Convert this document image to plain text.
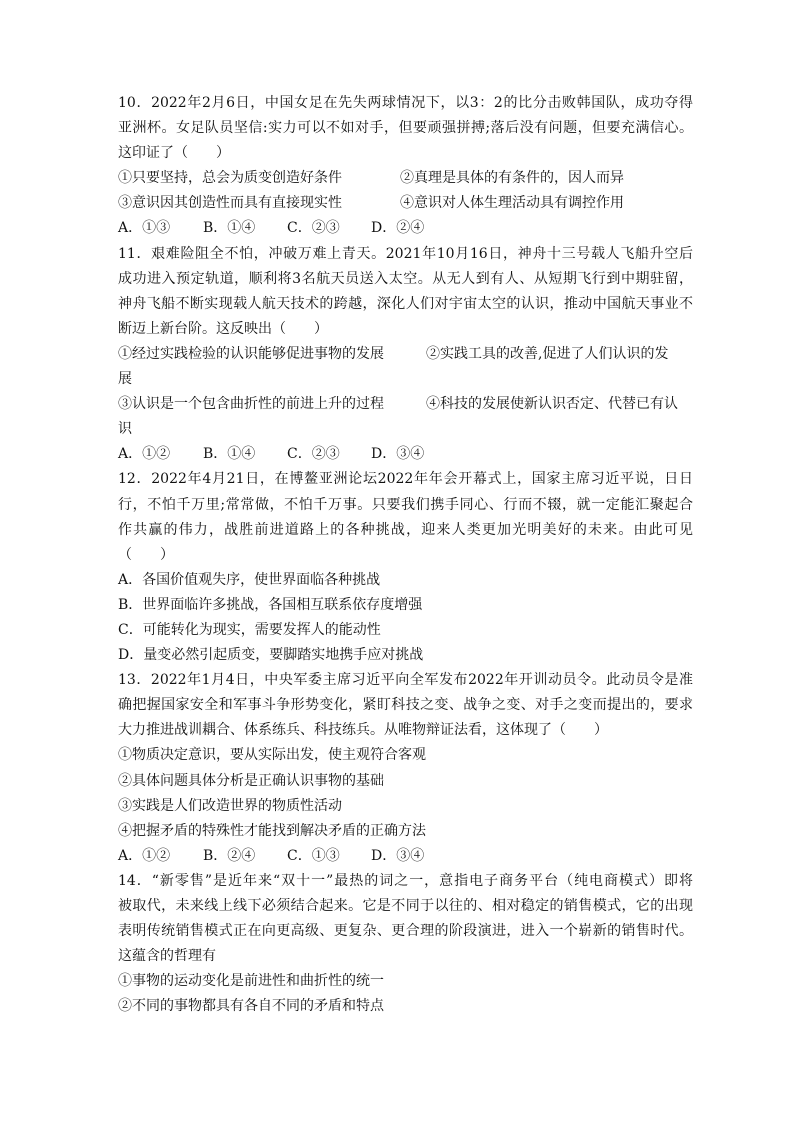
10．2022年2月6日，中国女足在先失两球情况下，以3：2的比分击败韩国队，成功夺得
亚洲杯。女足队员坚信:实力可以不如对手，但要顽强拼搏;落后没有问题，但要充满信心。
这印证了（　　）
①只要坚持，总会为质变创造好条件	②真理是具体的有条件的，因人而异
③意识因其创造性而具有直接现实性	④意识对人体生理活动具有调控作用
A．①③ B．①④ C．②③ D．②④
11．艰难险阻全不怕，冲破万难上青天。2021年10月16日，神舟十三号载人飞船升空后
成功进入预定轨道，顺利将3名航天员送入太空。从无人到有人、从短期飞行到中期驻留，
神舟飞船不断实现载人航天技术的跨越，深化人们对宇宙太空的认识，推动中国航天事业不
断迈上新台阶。这反映出（　　）
①经过实践检验的认识能够促进事物的发展	②实践工具的改善,促进了人们认识的发
展
③认识是一个包含曲折性的前进上升的过程	④科技的发展使新认识否定、代替已有认
识
A．①② B．①④ C．②③ D．③④
12．2022年4月21日，在博鳌亚洲论坛2022年年会开幕式上，国家主席习近平说，日日
行，不怕千万里;常常做，不怕千万事。只要我们携手同心、行而不辍，就一定能汇聚起合
作共赢的伟力，战胜前进道路上的各种挑战，迎来人类更加光明美好的未来。由此可见
（　　）
A．各国价值观失序，使世界面临各种挑战
B．世界面临许多挑战，各国相互联系依存度增强
C．可能转化为现实，需要发挥人的能动性
D．量变必然引起质变，要脚踏实地携手应对挑战
13．2022年1月4日，中央军委主席习近平向全军发布2022年开训动员令。此动员令是准
确把握国家安全和军事斗争形势变化，紧盯科技之变、战争之变、对手之变而提出的，要求
大力推进战训耦合、体系练兵、科技练兵。从唯物辩证法看，这体现了（　　）
①物质决定意识，要从实际出发，使主观符合客观
②具体问题具体分析是正确认识事物的基础
③实践是人们改造世界的物质性活动
④把握矛盾的特殊性才能找到解决矛盾的正确方法
A．①② B．②④ C．①③ D．③④
14．“新零售”是近年来“双十一”最热的词之一，意指电子商务平台（纯电商模式）即将
被取代，未来线上线下必须结合起来。它是不同于以往的、相对稳定的销售模式，它的出现
表明传统销售模式正在向更高级、更复杂、更合理的阶段演进，进入一个崭新的销售时代。
这蕴含的哲理有
①事物的运动变化是前进性和曲折性的统一
②不同的事物都具有各自不同的矛盾和特点
